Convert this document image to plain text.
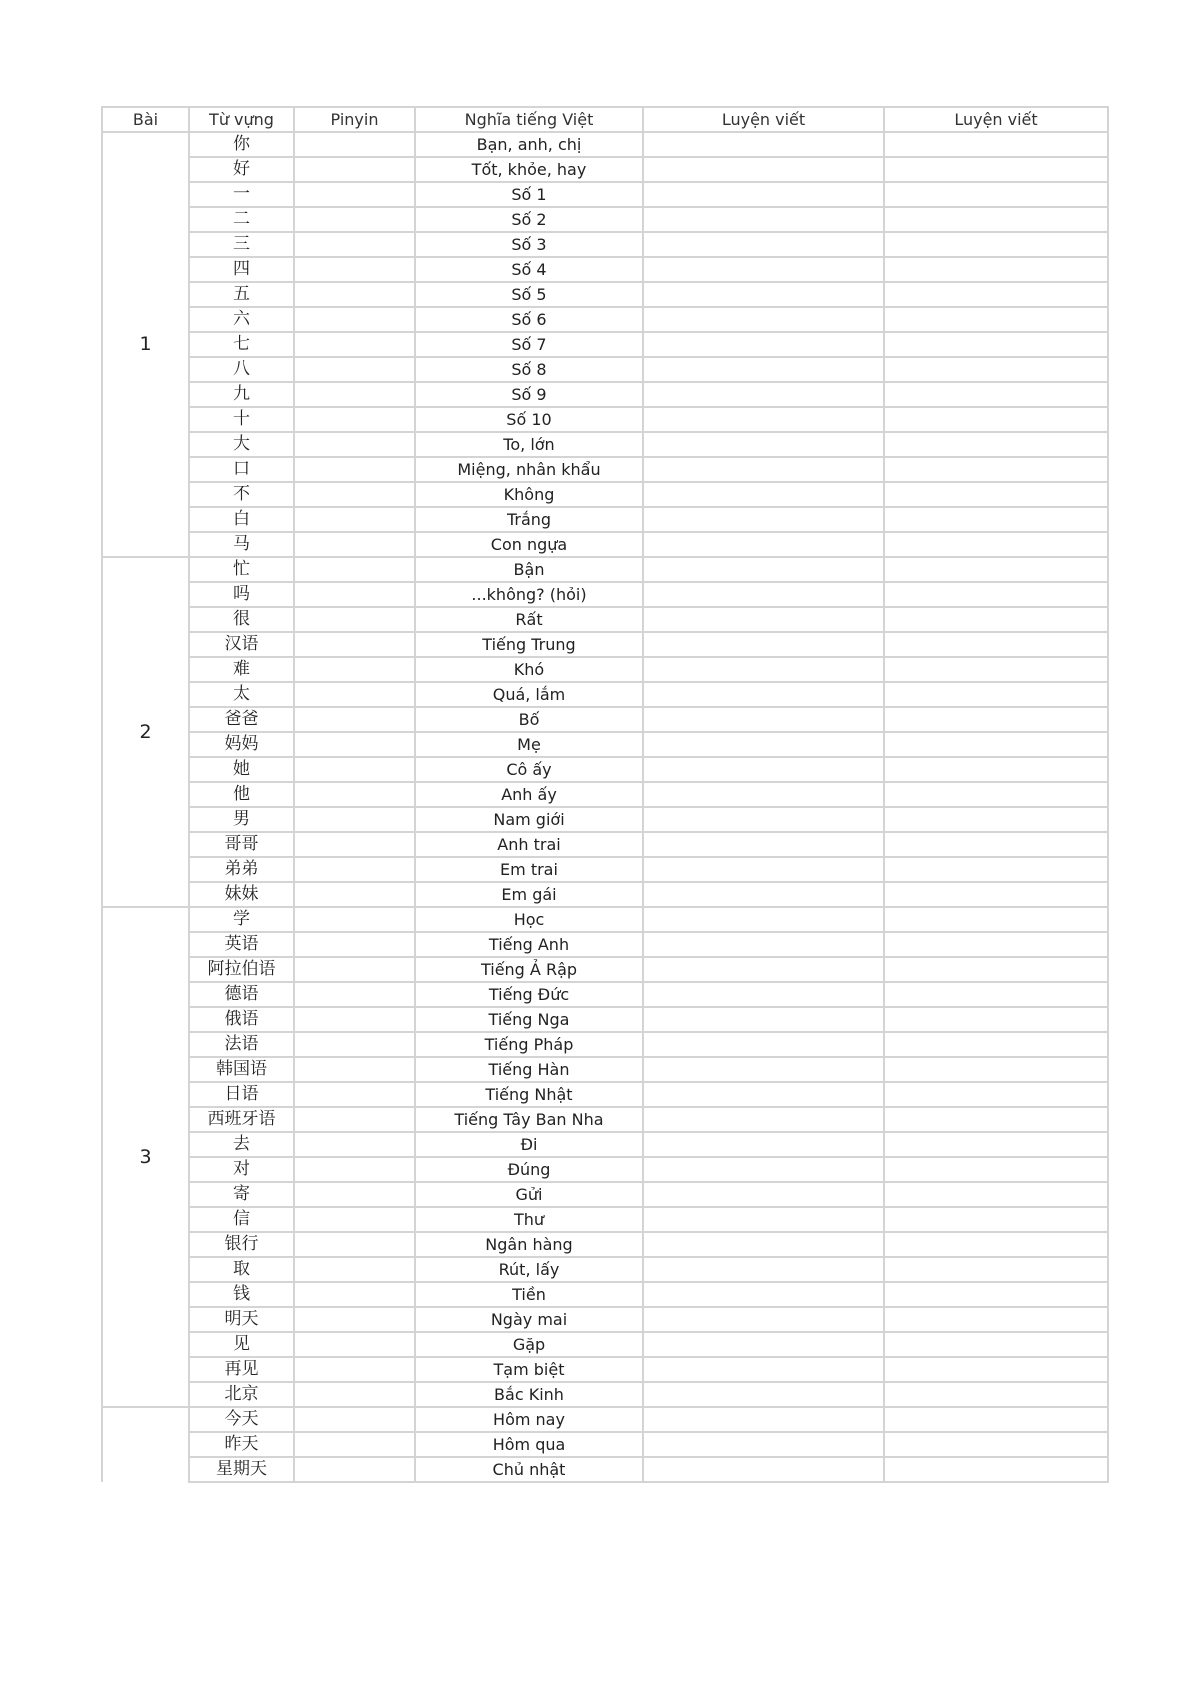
Bài	Từ vựng	Pinyin	Nghĩa tiếng Việt	Luyện viết	Luyện viết
1	你		Bạn, anh, chị		
	好		Tốt, khỏe, hay		
	一		Số 1		
	二		Số 2		
	三		Số 3		
	四		Số 4		
	五		Số 5		
	六		Số 6		
	七		Số 7		
	八		Số 8		
	九		Số 9		
	十		Số 10		
	大		To, lớn		
	口		Miệng, nhân khẩu		
	不		Không		
	白		Trắng		
	马		Con ngựa		
2	忙		Bận		
	吗		...không? (hỏi)		
	很		Rất		
	汉语		Tiếng Trung		
	难		Khó		
	太		Quá, lắm		
	爸爸		Bố		
	妈妈		Mẹ		
	她		Cô ấy		
	他		Anh ấy		
	男		Nam giới		
	哥哥		Anh trai		
	弟弟		Em trai		
	妹妹		Em gái		
3	学		Học		
	英语		Tiếng Anh		
	阿拉伯语		Tiếng Ả Rập		
	德语		Tiếng Đức		
	俄语		Tiếng Nga		
	法语		Tiếng Pháp		
	韩国语		Tiếng Hàn		
	日语		Tiếng Nhật		
	西班牙语		Tiếng Tây Ban Nha		
	去		Đi		
	对		Đúng		
	寄		Gửi		
	信		Thư		
	银行		Ngân hàng		
	取		Rút, lấy		
	钱		Tiền		
	明天		Ngày mai		
	见		Gặp		
	再见		Tạm biệt		
	北京		Bắc Kinh		
	今天		Hôm nay		
	昨天		Hôm qua		
	星期天		Chủ nhật		
